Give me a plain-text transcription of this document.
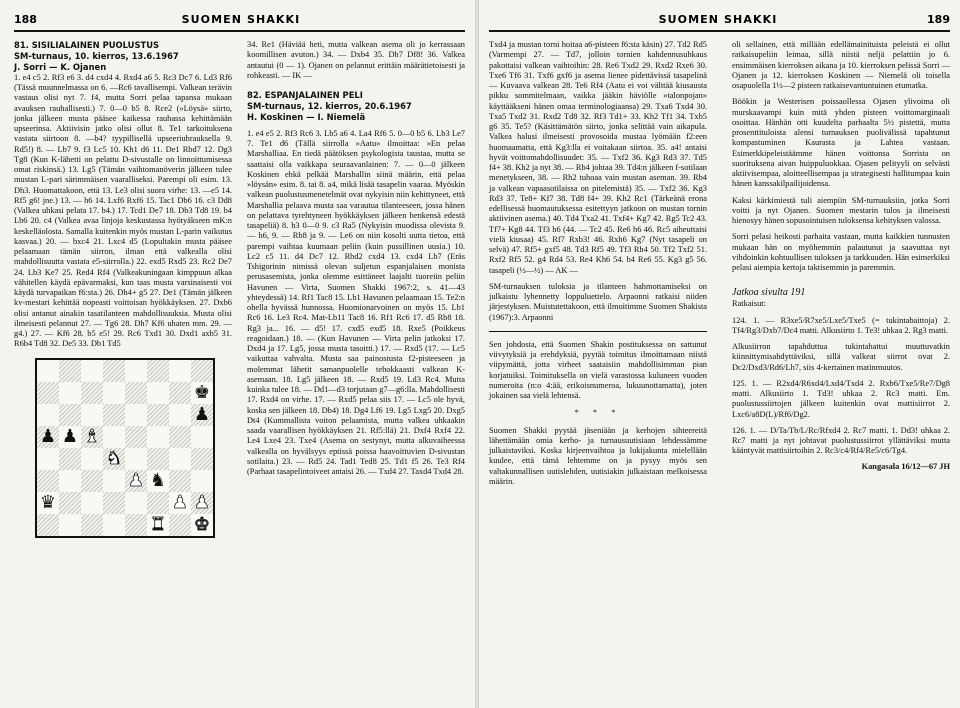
188	SUOMEN SHAKKI

81. SISILIALAINEN PUOLUSTUS

SM-turnaus, 10. kierros, 13.6.1967

J. Sorri — K. Ojanen

1. e4 c5 2. Rf3 e6 3. d4 cxd4 4. Rxd4 a6 5. Rc3 Dc7 6. Ld3 Rf6 (Tässä muunnelmassa on 6. —Rc6 tavallisempi. Valkean terävin vastaus olisi nyt 7. f4, mutta Sorri pelaa tapansa mukaan avauksen rauhallisesti.) 7. 0—0 b5 8. Rce2 (»Löysä» siirto, jonka jälkeen musta pääsee kaikessa rauhassa kehittämään upseerinsa. Aktiivisin jatko olisi ollut 8. Te1 tarkoituksena vastata siirtoon 8. —b4? tyypillisellä upseeriuhrauksella 9. Rd5!) 8. — Lb7 9. f3 Lc5 10. Kh1 d6 11. De1 Rbd7 12. Dg3 Tg8 (Kun K-lähetti on pelattu D-sivustalle on linnoittumisessa omat riskinsä.) 13. Lg5 (Tämän vaihtomanöverin jälkeen tulee mustan L-pari särimmäisen vaaralliseksi. Parempi oli esim. 13. Dh3. Huomattakoon, että 13. Le3 olisi suora virhe: 13. —e5 14. Rf5 g6! jne.) 13. — h6 14. Lxf6 Rxf6 15. Tac1 Db6 16. c3 Dd8 (Valkea uhkasi pelata 17. b4.) 17. Tcd1 De7 18. Db3 Td8 19. b4 Lb6 20. c4 (Valkea avaa linjoja keskustassa hyötyäkseen mK:n keskelläolosta. Samalla kuitenkin myös mustan L-parin vaikutus kasvaa.) 20. — bxc4 21. Lxc4 d5 (Lopultakin musta pääsee pelaamaan tämän siirron, ilman että valkealla olisi mahdollisuutta vastata e5-siirrolla.) 22. exd5 Rxd5 23. Rc2 De7 24. Lb3 Ke7 25. Red4 Rf4 (Valkeakuningaan kimppuun alkaa vähitellen käydä epävarmaksi, kun taas musta varsinaisesti voi käydä turvapaikan f6:sta.) 26. Dh4+ g5 27. De1 (Tämän jälkeen kv-mestari kehittää nopeasti voittoisan hyökkäyksen. 27. Dxb6 olisi antanut ainakin tasatilanteen mahdollisuuksia. Musta olisi ilmeisesti pelannut 27. — Tg6 28. Dh7 Kf6 uhaten mm. 29. — g4.) 27. — Kf6 28. b5 e5! 29. Rc6 Txd1 30. Dxd1 axb5 31. R6b4 Td8 32. De5 33. Db1 Td5

♚
♟
♟ ♟ ♝
♞
♟ ♞
♛	♟ ♟
♜ ♚

34. Re1 (Häviää heti, mutta valkean asema oli jo kerrassaan koomillisen avuton.) 34. — Dxb4 35. Dh7 Df8! 36. Valkea antautui (0 — 1). Ojanen on pelannut erittäin määrätietoisesti ja rohkeasti. — IK —

82. ESPANJALAINEN PELI

SM-turnaus, 12. kierros, 20.6.1967

H. Koskinen — I. Niemelä

1. e4 e5 2. Rf3 Rc6 3. Lb5 a6 4. La4 Rf6 5. 0—0 b5 6. Lb3 Le7 7. Te1 d6 (Tällä siirrolla »Aatu» ilmoittaa: »En pelaa Marshalliaa. En tiedä päätöksen psykologista taustaa, mutta se saattaisi olla vaikkapa seuraavanlainen: 7. — 0—0 jälkeen Koskinen ehkä pelkää Marshallin siinä määrin, että pelaa »löysän» esim. 8. tai 8. a4, mikä lisää tasapelin vaaraa. Myöskin valkean puolustusmenetelmät ovat nykyisin niin kehittyneet, että Marshallia pelaava musta saa varautua tilanteeseen, jossa hänen on pelattava tyrehtyneen hyökkäyksen jälkeen henkensä edestä tasapeliä) 8. h3 0—0 9. c3 Ra5 (Nykyisin muodissa olevista 9. — h6, 9. — Rb8 ja 9. — Le6 on niin kosolti uutta tietoa, että parempi vaihtaa kuumaan peliin (kuin pussillinen uusia.) 10. Lc2 c5 11. d4 Dc7 12. Rbd2 cxd4 13. cxd4 Lb7 (Eräs Tshigorinin nimissä olevan suljetun espanjalaisen monista perusasemista, jonka olemme esittäneet laajalti tuoreiin peliin Havunen — Virta, Suomen Shakki 1967:2, s. 41—43 yhteydessä) 14. Rf1 Tac8 15. Lb1 Havunen pelaamaan 15. Te2:n ohella hyvässä hunnossa. Huomionarvoinen on myös 15. Lb1 Rc6 16. Le3 Rc4. Mat-Lb11 Tac8 16. Rf1 Rc6 17. d5 Rb8 18. Rg3 ja... 16. — d5! 17. cxd5 exd5 18. Rxe5 (Poikkeus reagoidaan.) 18. — (Kun Havunen — Virta pelin jatkoksi 17. Dxd4 ja 17. Lg5, jossa musta tasoitti.) 17. — Rxd5 (17. — Lc5 vaikuttaa vahvalta. Musta saa painostusta f2-pisteeseen ja molemmat lähetit samanpuolelle tehokkaasti valkean K-asemaan. 18. Lg5 jälkeen 18. — Rxd5 19. Ld3 Rc4. Mutta kuinka tulee 18. — Dd1—d3 torjutaan g7—g6:lla. Mahdollisesti 17. Rxd4 on virhe. 17. — Rxd5 pelaa siis 17. — Lc5 ole hyvä, koska sen jälkeen 18. Db4) 18. Dg4 Lf6 19. Lg5 Lxg5 20. Dxg5 Dt4 (Kummallista voiton pelaamista, mutta valkea uhkaakin saada vaarallisen hyökkäyksen 21. Rf5:llä) 21. Dxf4 Rxf4 22. Le4 Lxe4 23. Txe4 (Asema on sestynyt, mutta alkuvaiheessa valkealla on hyvälsyys eptissä poissa haavoittuvien D-sivustan sotilaita.) 23. — Rd5 24. Tad1 Ted8 25. Td1 f5 26. Te3 Rf4 (Parhaat tasapelintoiveet antaisi 26. — Txd4 27. Taxd4 Txd4 28.

SUOMEN SHAKKI	189

Txd4 ja mustan torni hoitaa a6-pisteen f6:sta käsin) 27. Td2 Rd5 (Varmempi 27. — Td7, jolloin tornien kahdennusuhkaus pakottaisi valkean vaihtoihin: 28. Re6 Txd2 29. Rxd2 Rxe6 30. Txe6 Tf6 31. Txf6 gxf6 ja asema lienee pidettävissä tasapelinä — Kuvaava valkean 28. Te6 Rf4 (Aatu ei voi välttää kiusausta pikku sommitelmaan, vaikka jääkin häviölle »talonpojan» käyttääkseni hänen omaa terminologiaansa) 29. Txa6 Txd4 30. Txa5 Txd2 31. Rxd2 Td8 32. Rf3 Td1+ 33. Kh2 Tf1 34. Txb5 g6 35. Te5? (Käsittämätön siirto, jonka selittää vain aikapula. Valkea halusi ilmeisesti provosoida mustaa lyömään f2:een huomaamatta, että Kg3:lla ei voitakaan siirtoa. 35. a4! antaisi hyvät voittomahdollisuudet: 35. — Txf2 36. Kg3 Rd3 37. Td5 f4+ 38. Kh2 ja nyt 38. — Rb4 johtaa 39. Td4:n jälkeen f-sotilaan menetykseen, 38. — Rh2 tuhoaa vain mustan aseman. 39. Rb4 ja valkean vapaasotilaissa on pitelemistä) 35. — Txf2 36. Kg3 Rd3 37. Te8+ Kf7 38. Td8 f4+ 39. Kh2 Rc1 (Tärkeänä erona edellisessä huomautuksessa esitettyyn jatkoon on mustan tornin aktiivinen asema.) 40. Td4 Txa2 41. Txf4+ Kg7 42. Rg5 Tc2 43. Tf7+ Kg8 44. Tf3 h6 (44. — Tc2 45. Re6 h6 46. Rc5 aiheuttaisi vielä kiusaa) 45. Rf7 Rxb3! 46. Rxh6 Kg7 (Nyt tasapeli on selvä) 47. Rf5+ gxf5 48. Td3 Rf5 49. Tf3 Rh4 50. Tf2 Txf2 51. Rxf2 Rf5 52. g4 Rd4 53. Re4 Kh6 54. h4 Re6 55. Kg3 g5 56. tasapeli (½—½) — AK —

SM-turnauksen tuloksia ja tilanteen hahmottamiseksi on julkaistu lyhennetty loppuluettelo. Arpaonni ratkaisi niiden järjestyksen. Muistutettakoon, että ilmoitimme Suomen Shakista (1967):3. Arpaonni

Sen johdosta, että Suomen Shakin postituksessa on sattunut viivytyksiä ja erehdyksiä, pyytää toimitus ilmoittamaan niistä viipymättä, jotta virheet saataisiin mahdollisimman pian korjatuiksi. Toimituksella on vielä varastossa kuluneen vuoden numeroita (n:o 4:ää, erikoisnumeroa, lukuunottamatta), joten jokainen saa vielä lehtensä.

* * *

Suomen Shakki pyytää jäseniään ja kerhojen sihteereitä lähettämään omia kerho- ja turnausuutisiaan lehdessämme julkaistaviksi. Koska kirjeenvaihtoa ja lukijakunta mielellään kuulee, että tämä lehtemme on ja pysyy myös sen valtakunnallisen uutislehden, uutisiakin julkaistaan melkoisessa määrin.

oli sellainen, että millään edellämainituista peleistä ei ollut ratkaisupeliin leimaa, sillä niistä neljä pelattiin jo 6. ensimmäisen kierroksen aikana ja 10. kierroksen pelissä Sorri — Ojanen ja 12. kierroksen Koskinen — Niemelä oli toisella osapuolella 1½—2 pisteen ratkaisevantuntuinen etumatka.

Böökin ja Westerisen poissaollessa Ojasen ylivoima oli murskaavampi kuin mitä yhden pisteen voittomarginaali osoittaa. Hänhän otti kuudelta parhaalta 5½ pistettä, mutta prosenttituloista alensi turnauksen puolivälissä tapahtunut kompastuminen Kaurasta ja Lahtea vastaan. Esimerkkipeleistäämme hänen voittonsa Sorrista on suorituksena aivan huippuluokkaa. Ojasen pelityyli on selvästi aktiivisempaa, aloitteellisempaa ja strategisesti hallitumpaa kuin hänen kanssakilpailijoidensa.

Kaksi kärkimiestä tuli aiempiin SM-turnauksiin, jotka Sorri voitti ja nyt Ojanen. Suomen mestarin tulos ja ilmeisesti hienosyy hänen sopusointuisen tuloksensa kehityksen valossa.

Sorri pelasi heikosti parhaita vastaan, mutta kaikkien tunnusten mukaan hän on myöhemmin palautunut ja saavuttaa nyt vihdoinkin kohtuullisen tuloksen ja tarkkuuden. Hän esimerkiksi pelasi aiempia kertoja taktisemmin ja paremmin.

Jatkoa sivulta 191

Ratkaisut:

124. 1. — R3xe5/R7xe5/Lxe5/Txe5 (= tukintabaittoja) 2. Tf4/Rg3/Dxb7/Dc4 matti. Alkusiirto 1. Te3! uhkaa 2. Rg3 matti.

Alkusiirron tapahduttua tukintahattui muuttuvatkin kiinnittymisahdyttäviksi, sillä valkeat siirrot ovat 2. Dc2/Dxd3/Rd6/Lh7, siis 4-kertainen matinmuutos.

125. 1. — R2xd4/R6xd4/Lxd4/Txd4 2. Rxb6/Txe5/Re7/Dg8 matti. Alkusiirto 1. Td3! uhkaa 2. Rc3 matti. Em. puolustussiirtojen jälkeen kuitenkin ovat mattisiirrot 2. Lxc6/a8D(L)/Rf6/Dg2.

126. 1. — D/Ta/Tb/L/Rc/Rfxd4 2. Rc7 matti. 1. Dd3! uhkaa 2. Rc7 matti ja nyt johtavat puolustussiirrot yllättäviksi mutta kääntyvät mattisiirtoihin 2. Rc3/c4/Rf4/Re5/c6/Tg4.

Kangasala 16/12—67 JH
